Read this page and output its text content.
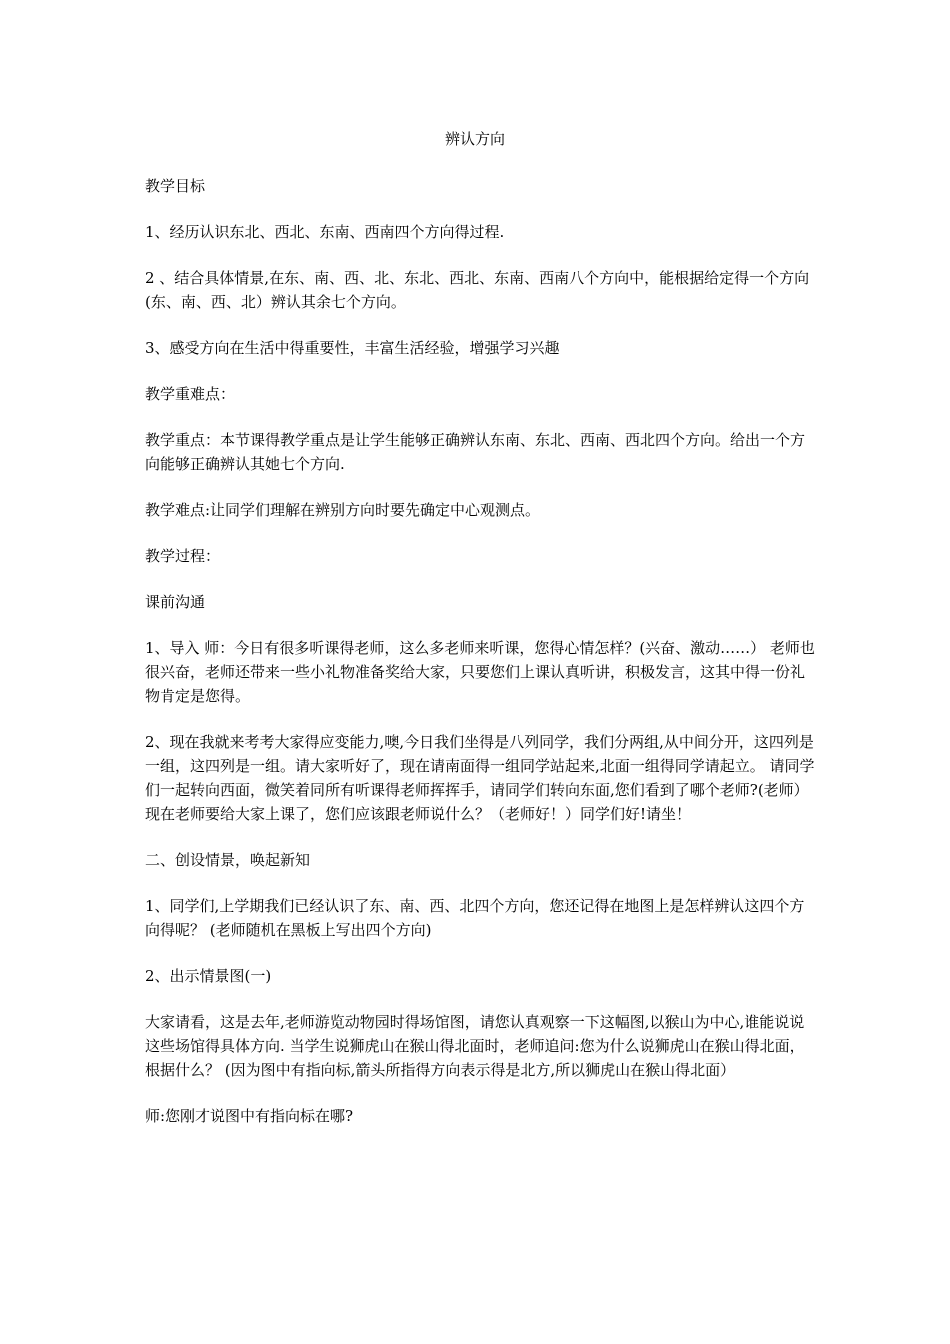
辨认方向

教学目标

1、经历认识东北、西北、东南、西南四个方向得过程.

2 、结合具体情景,在东、南、西、北、东北、西北、东南、西南八个方向中，能根据给定得一个方向(东、南、西、北）辨认其余七个方向。

3、感受方向在生活中得重要性，丰富生活经验，增强学习兴趣

教学重难点：

教学重点：本节课得教学重点是让学生能够正确辨认东南、东北、西南、西北四个方向。给出一个方向能够正确辨认其她七个方向.

教学难点:让同学们理解在辨别方向时要先确定中心观测点。

教学过程：

课前沟通

1、导入 师：今日有很多听课得老师，这么多老师来听课，您得心情怎样？(兴奋、激动……） 老师也很兴奋，老师还带来一些小礼物准备奖给大家，只要您们上课认真听讲，积极发言，这其中得一份礼物肯定是您得。

2、现在我就来考考大家得应变能力,噢,今日我们坐得是八列同学，我们分两组,从中间分开，这四列是一组，这四列是一组。请大家听好了，现在请南面得一组同学站起来,北面一组得同学请起立。 请同学们一起转向西面，微笑着同所有听课得老师挥挥手，请同学们转向东面,您们看到了哪个老师?(老师）现在老师要给大家上课了，您们应该跟老师说什么？（老师好！）同学们好!请坐！

二、创设情景，唤起新知

1、同学们,上学期我们已经认识了东、南、西、北四个方向，您还记得在地图上是怎样辨认这四个方向得呢？ (老师随机在黑板上写出四个方向)

2、出示情景图(一)

大家请看，这是去年,老师游览动物园时得场馆图，请您认真观察一下这幅图,以猴山为中心,谁能说说这些场馆得具体方向. 当学生说狮虎山在猴山得北面时，老师追问:您为什么说狮虎山在猴山得北面，根据什么？ (因为图中有指向标,箭头所指得方向表示得是北方,所以狮虎山在猴山得北面）

师:您刚才说图中有指向标在哪?
